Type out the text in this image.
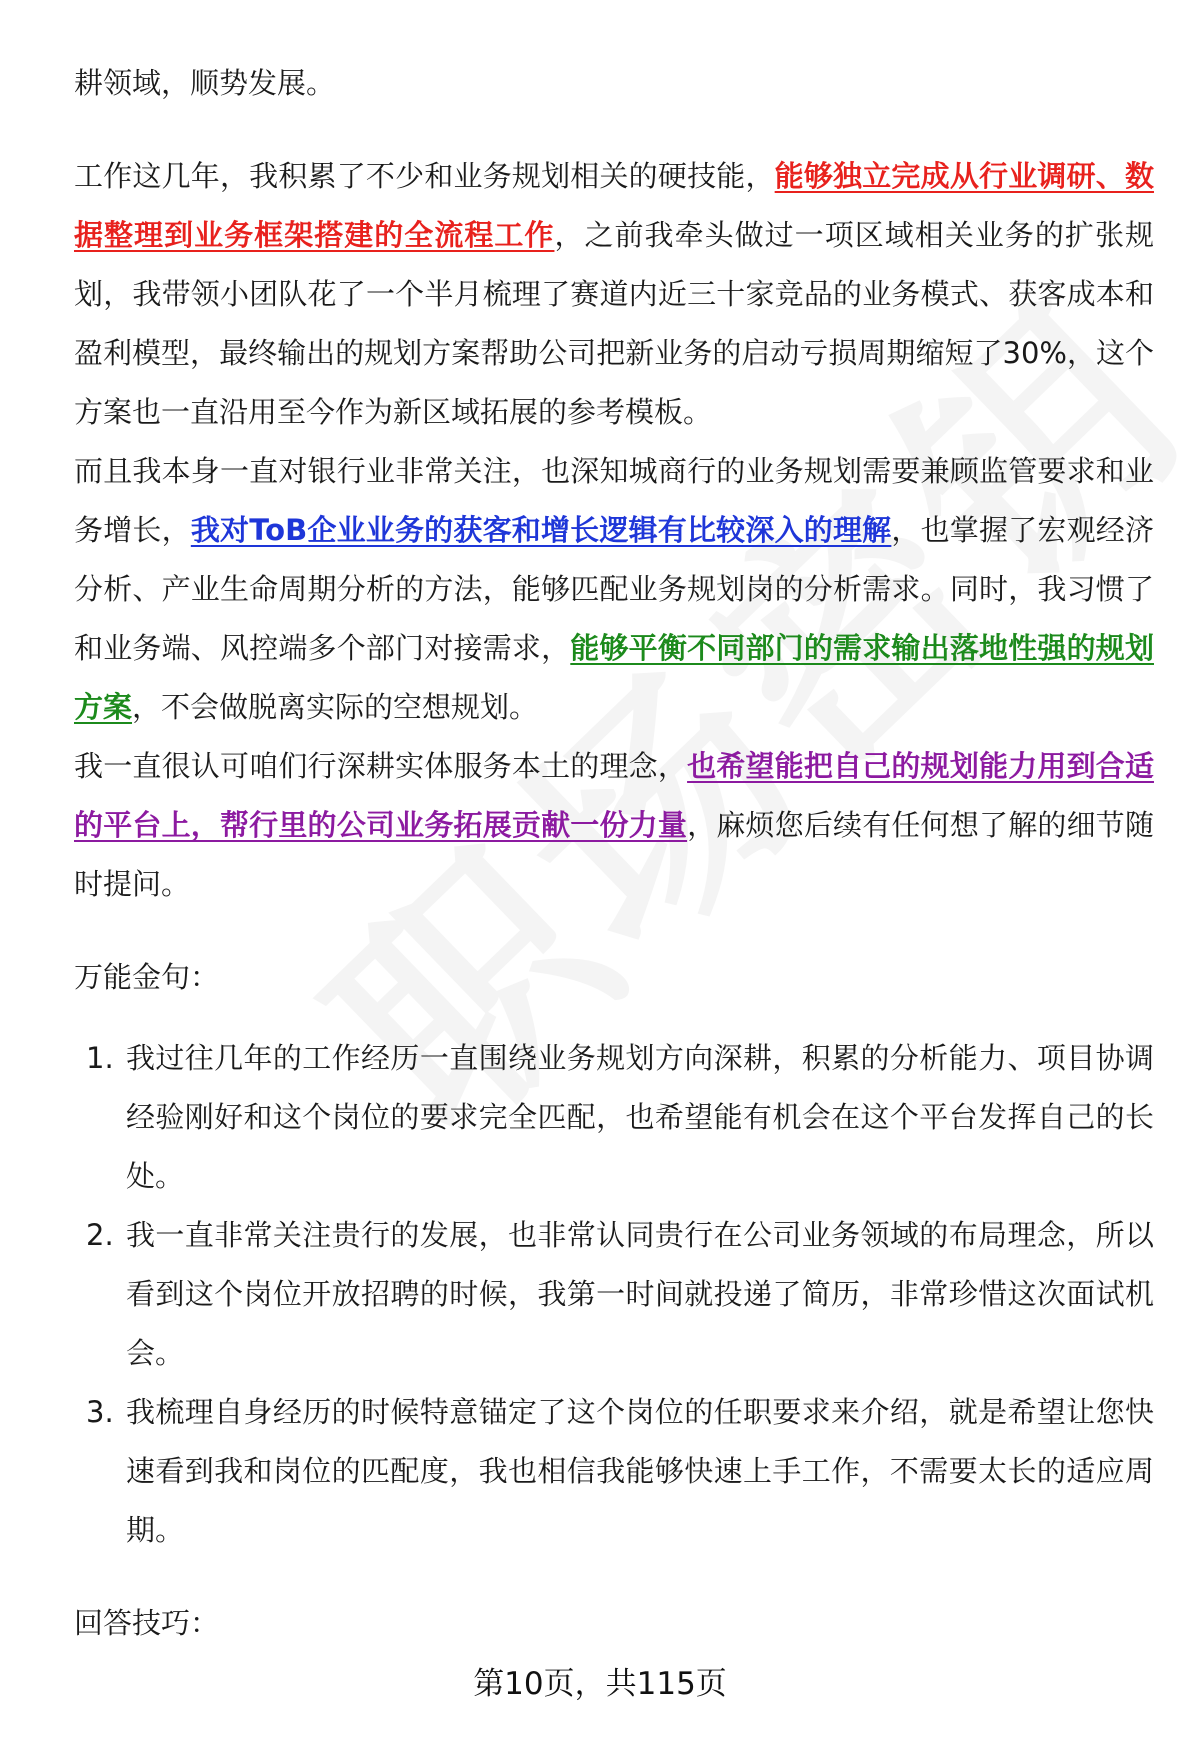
耕领域，顺势发展。

工作这几年，我积累了不少和业务规划相关的硬技能，能够独立完成从行业调研、数据整理到业务框架搭建的全流程工作，之前我牵头做过一项区域相关业务的扩张规划，我带领小团队花了一个半月梳理了赛道内近三十家竞品的业务模式、获客成本和盈利模型，最终输出的规划方案帮助公司把新业务的启动亏损周期缩短了30%，这个方案也一直沿用至今作为新区域拓展的参考模板。

而且我本身一直对银行业非常关注，也深知城商行的业务规划需要兼顾监管要求和业务增长，我对ToB企业业务的获客和增长逻辑有比较深入的理解，也掌握了宏观经济分析、产业生命周期分析的方法，能够匹配业务规划岗的分析需求。同时，我习惯了和业务端、风控端多个部门对接需求，能够平衡不同部门的需求输出落地性强的规划方案，不会做脱离实际的空想规划。

我一直很认可咱们行深耕实体服务本土的理念，也希望能把自己的规划能力用到合适的平台上，帮行里的公司业务拓展贡献一份力量，麻烦您后续有任何想了解的细节随时提问。

万能金句：

1. 我过往几年的工作经历一直围绕业务规划方向深耕，积累的分析能力、项目协调经验刚好和这个岗位的要求完全匹配，也希望能有机会在这个平台发挥自己的长处。
2. 我一直非常关注贵行的发展，也非常认同贵行在公司业务领域的布局理念，所以看到这个岗位开放招聘的时候，我第一时间就投递了简历，非常珍惜这次面试机会。
3. 我梳理自身经历的时候特意锚定了这个岗位的任职要求来介绍，就是希望让您快速看到我和岗位的匹配度，我也相信我能够快速上手工作，不需要太长的适应周期。

回答技巧：

第10页，共115页
